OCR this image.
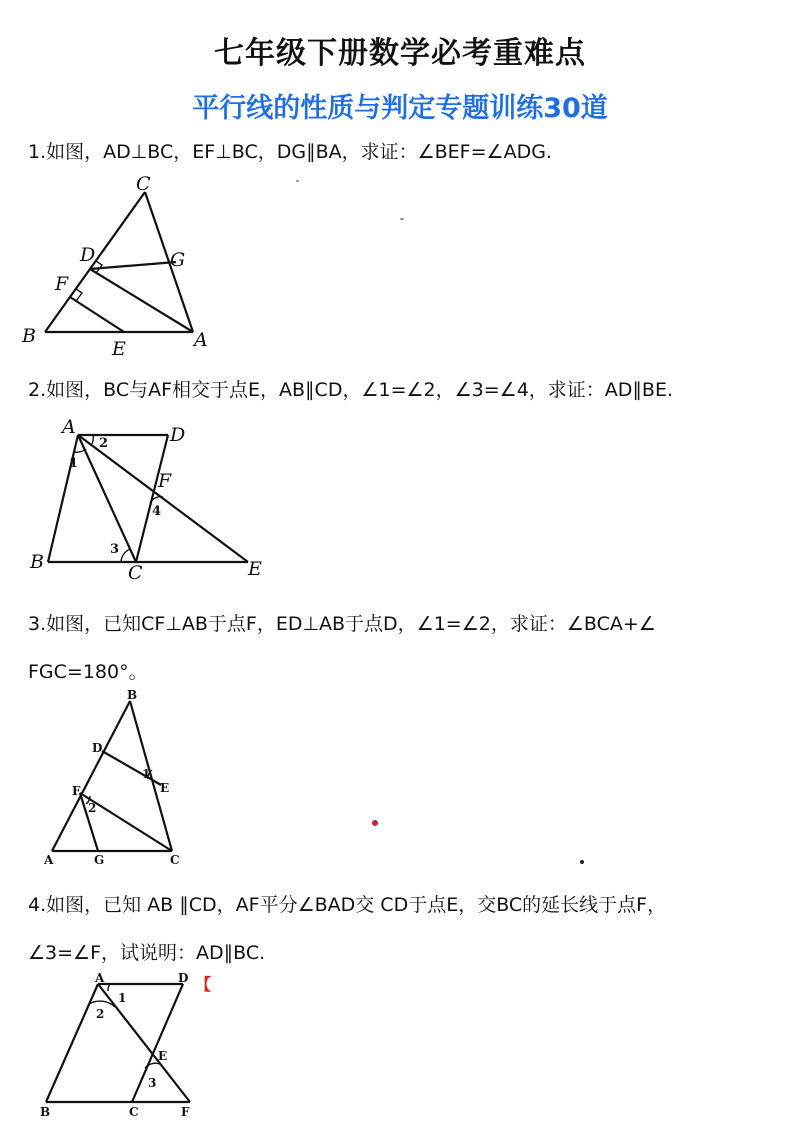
七年级下册数学必考重难点
平行线的性质与判定专题训练30道
1.如图，AD⊥BC，EF⊥BC，DG∥BA，求证：∠BEF=∠ADG.
C
D	G
F
B
E	A
2.如图，BC与AF相交于点E，AB∥CD，∠1=∠2，∠3=∠4，求证：AD∥BE.
A	D
F
B	C	E
1
2
3
4
3.如图，已知CF⊥AB于点F，ED⊥AB于点D，∠1=∠2，求证：∠BCA+∠
FGC=180°。
B
D
E
F
A	G	C
1
2
4.如图，已知 AB ∥CD，AF平分∠BAD交 CD于点E，交BC的延长线于点F，
∠3=∠F，试说明：AD∥BC.
A	D
E
B	C	F
1
2
3
【
